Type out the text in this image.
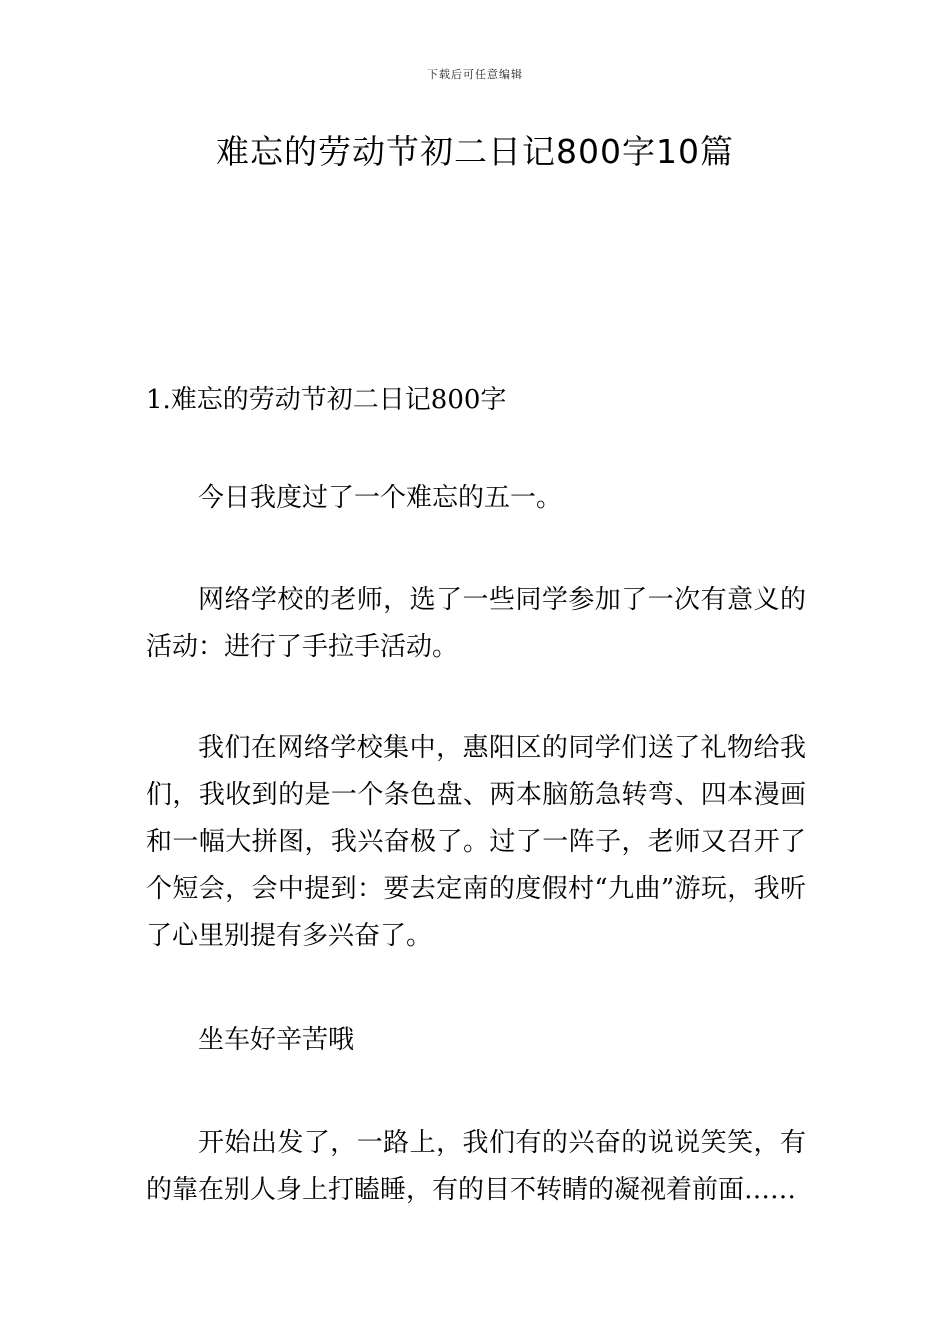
下载后可任意编辑
难忘的劳动节初二日记800字10篇

1.难忘的劳动节初二日记800字

今日我度过了一个难忘的五一。

网络学校的老师，选了一些同学参加了一次有意义的活动：进行了手拉手活动。

我们在网络学校集中，惠阳区的同学们送了礼物给我们，我收到的是一个条色盘、两本脑筋急转弯、四本漫画和一幅大拼图，我兴奋极了。过了一阵子，老师又召开了个短会，会中提到：要去定南的度假村“九曲”游玩，我听了心里别提有多兴奋了。

坐车好辛苦哦

开始出发了，一路上，我们有的兴奋的说说笑笑，有的靠在别人身上打瞌睡，有的目不转睛的凝视着前面……
